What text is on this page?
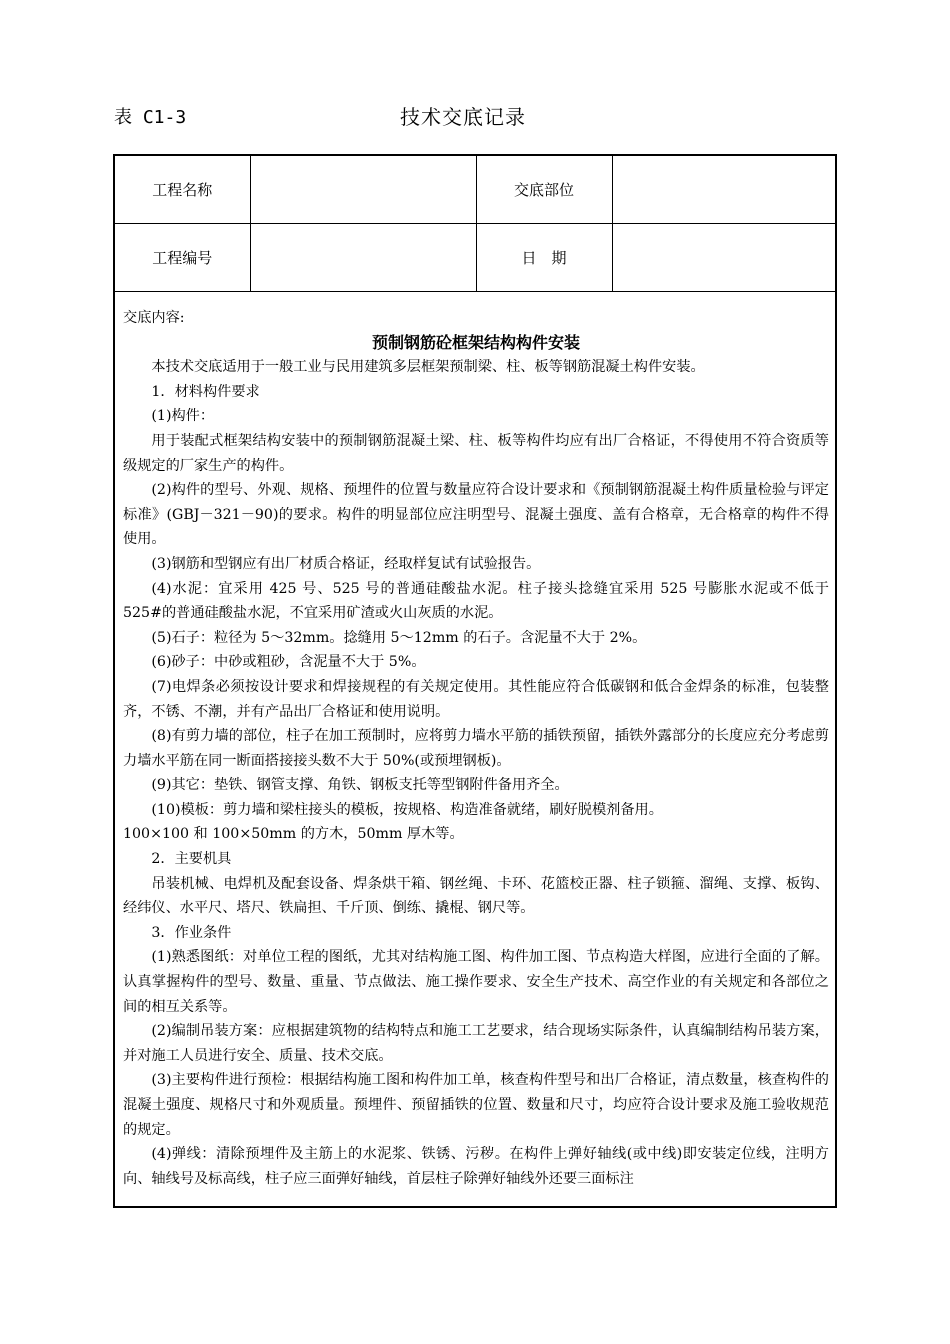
表 C1-3	技术交底记录
工程名称		交底部位	
工程编号		日　期	

交底内容:

预制钢筋砼框架结构构件安装

本技术交底适用于一般工业与民用建筑多层框架预制梁、柱、板等钢筋混凝土构件安装。

1．材料构件要求

(1)构件：

用于装配式框架结构安装中的预制钢筋混凝土梁、柱、板等构件均应有出厂合格证，不得使用不符合资质等级规定的厂家生产的构件。

(2)构件的型号、外观、规格、预埋件的位置与数量应符合设计要求和《预制钢筋混凝土构件质量检验与评定标准》(GBJ－321－90)的要求。构件的明显部位应注明型号、混凝土强度、盖有合格章，无合格章的构件不得使用。

(3)钢筋和型钢应有出厂材质合格证，经取样复试有试验报告。

(4)水泥：宜采用 425 号、525 号的普通硅酸盐水泥。柱子接头捻缝宜采用 525 号膨胀水泥或不低于 525#的普通硅酸盐水泥，不宜采用矿渣或火山灰质的水泥。

(5)石子：粒径为 5～32mm。捻缝用 5～12mm 的石子。含泥量不大于 2%。

(6)砂子：中砂或粗砂，含泥量不大于 5%。

(7)电焊条必须按设计要求和焊接规程的有关规定使用。其性能应符合低碳钢和低合金焊条的标准，包装整齐，不锈、不潮，并有产品出厂合格证和使用说明。

(8)有剪力墙的部位，柱子在加工预制时，应将剪力墙水平筋的插铁预留，插铁外露部分的长度应充分考虑剪力墙水平筋在同一断面搭接接头数不大于 50%(或预埋钢板)。

(9)其它：垫铁、钢管支撑、角铁、钢板支托等型钢附件备用齐全。

(10)模板：剪力墙和梁柱接头的模板，按规格、构造准备就绪，刷好脱模剂备用。

100×100 和 100×50mm 的方木，50mm 厚木等。

2．主要机具

吊装机械、电焊机及配套设备、焊条烘干箱、钢丝绳、卡环、花篮校正器、柱子锁箍、溜绳、支撑、板钩、经纬仪、水平尺、塔尺、铁扁担、千斤顶、倒练、撬棍、钢尺等。

3．作业条件

(1)熟悉图纸：对单位工程的图纸，尤其对结构施工图、构件加工图、节点构造大样图，应进行全面的了解。认真掌握构件的型号、数量、重量、节点做法、施工操作要求、安全生产技术、高空作业的有关规定和各部位之间的相互关系等。

(2)编制吊装方案：应根据建筑物的结构特点和施工工艺要求，结合现场实际条件，认真编制结构吊装方案，并对施工人员进行安全、质量、技术交底。

(3)主要构件进行预检：根据结构施工图和构件加工单，核查构件型号和出厂合格证，清点数量，核查构件的混凝土强度、规格尺寸和外观质量。预埋件、预留插铁的位置、数量和尺寸，均应符合设计要求及施工验收规范的规定。

(4)弹线：清除预埋件及主筋上的水泥浆、铁锈、污秽。在构件上弹好轴线(或中线)即安装定位线，注明方向、轴线号及标高线，柱子应三面弹好轴线，首层柱子除弹好轴线外还要三面标注
